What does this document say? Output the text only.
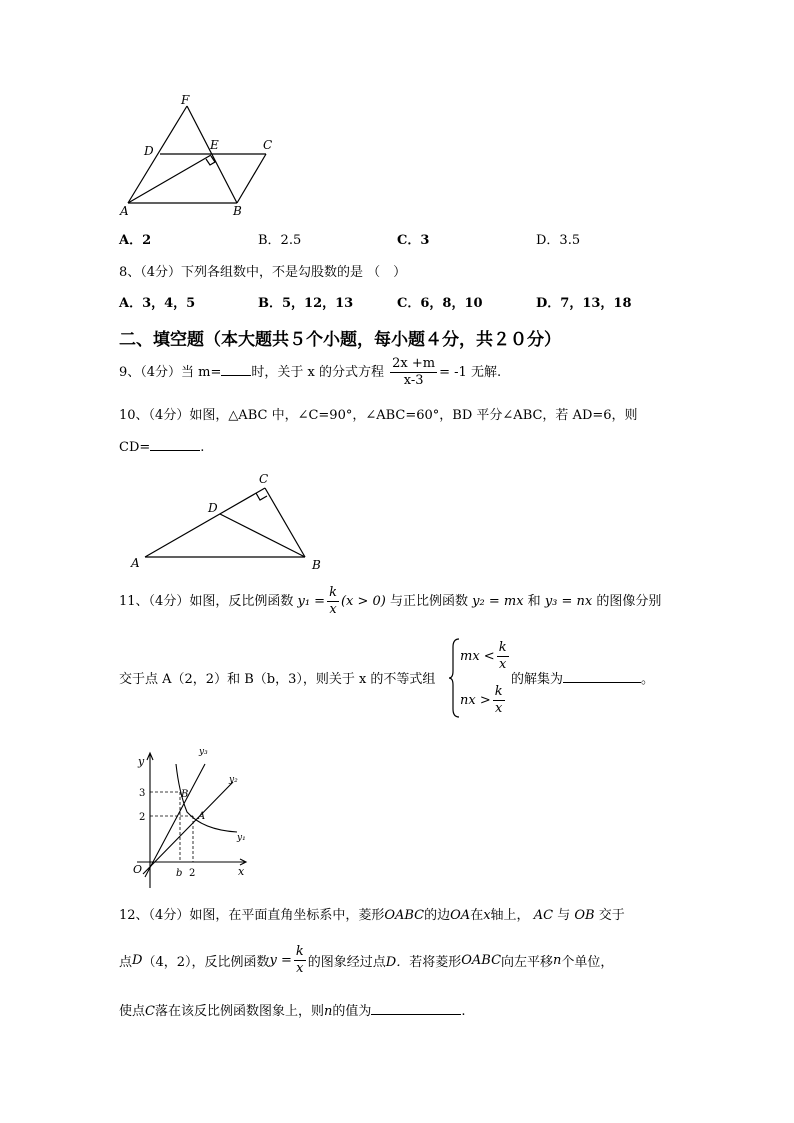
F
D	E	C
A	B
A．2	B．2.5	C．3	D．3.5
8、（4分）下列各组数中，不是勾股数的是 （　）
A．3，4，5	B．5，12，13	C．6，8，10	D．7，13，18
二、填空题（本大题共５个小题，每小题４分，共２０分）
9、（4分）当 m= 时，关于 x 的分式方程 $\frac{2x +m}{x-3} = -1$ 无解.
10、（4分）如图，△ABC 中，∠C=90°，∠ABC=60°，BD 平分∠ABC，若 AD=6，则
CD=	.
A	B
C
D
11、（4分）如图，反比例函数 $y_1 = \frac{k}{x} (x > 0)$ 与正比例函数 y₂ = mx 和 y₃ = nx 的图像分别
交于点 A（2，2）和 B（b，3），则关于 x 的不等式组
mx < $\frac{k}{x}$
nx > $\frac{k}{x}$
的解集为	。
y
x
O	b 2
3
2	A
B
y₁
y₂
y₃
12、（4分）如图，在平面直角坐标系中，菱形OABC的边OA在x轴上， AC 与 OB 交于
点D（4，2），反比例函数$y = \frac{k}{x}$ 的图象经过点D．若将菱形OABC向左平移n个单位，
使点C落在该反比例函数图象上，则n的值为	.
